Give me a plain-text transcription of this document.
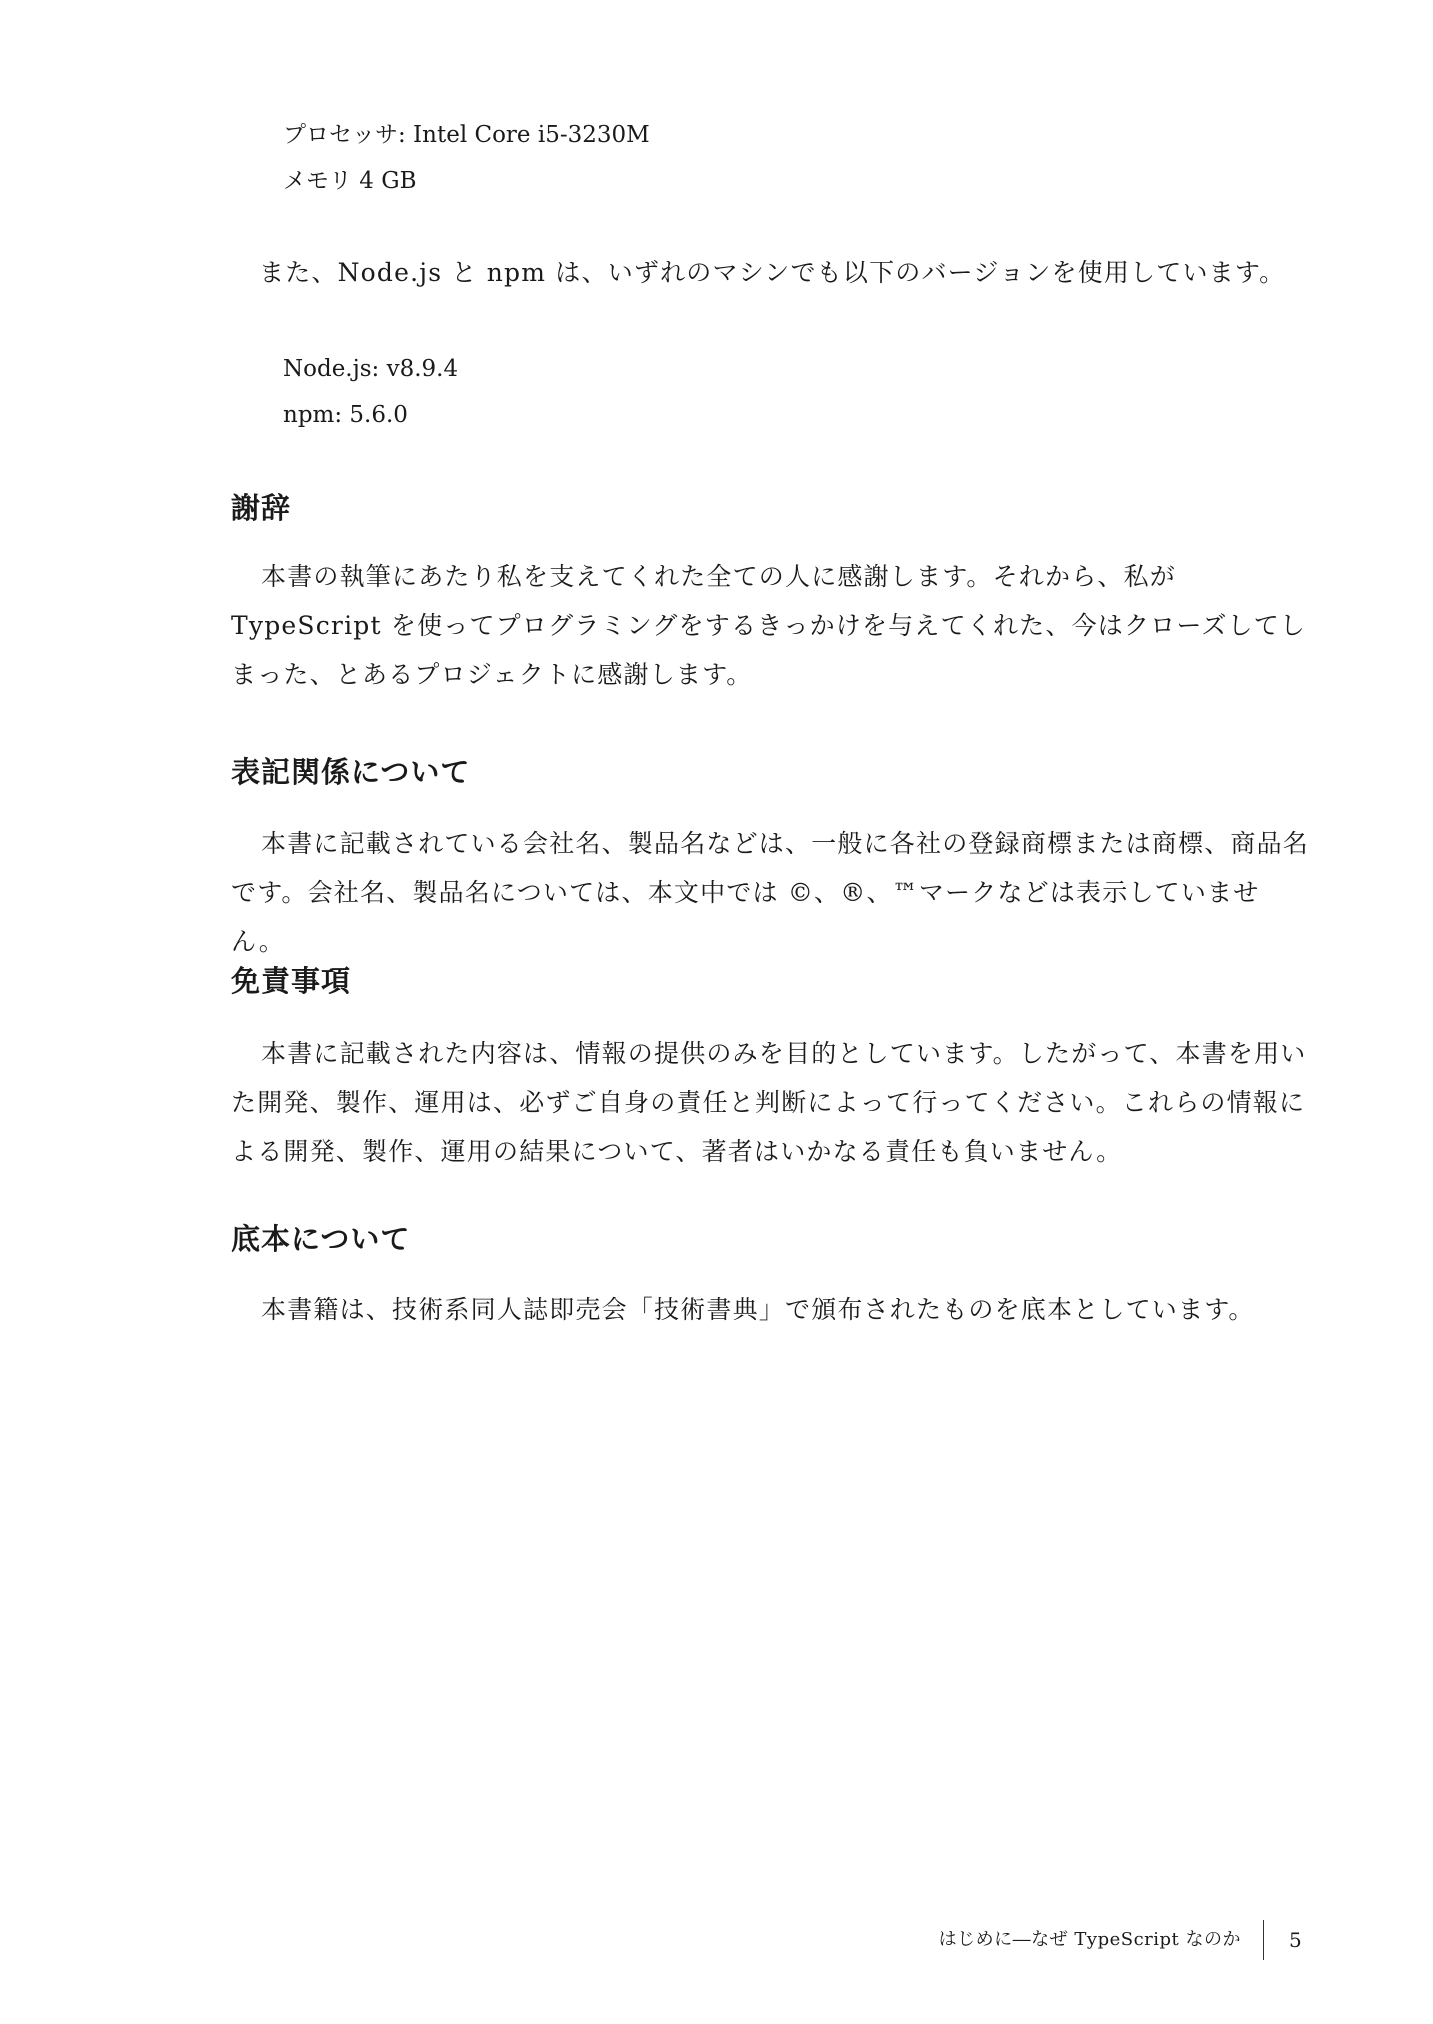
プロセッサ: Intel Core i5-3230M
メモリ 4 GB

また、Node.js と npm は、いずれのマシンでも以下のバージョンを使用しています。

Node.js: v8.9.4
npm: 5.6.0
謝辞

本書の執筆にあたり私を支えてくれた全ての人に感謝します。それから、私が TypeScript を使ってプログラミングをするきっかけを与えてくれた、今はクローズしてしまった、とあるプロジェクトに感謝します。

表記関係について

本書に記載されている会社名、製品名などは、一般に各社の登録商標または商標、商品名です。会社名、製品名については、本文中では ©、®、™マークなどは表示していません。

免責事項

本書に記載された内容は、情報の提供のみを目的としています。したがって、本書を用いた開発、製作、運用は、必ずご自身の責任と判断によって行ってください。これらの情報による開発、製作、運用の結果について、著者はいかなる責任も負いません。

底本について

本書籍は、技術系同人誌即売会「技術書典」で頒布されたものを底本としています。

はじめに―なぜ TypeScript なのか 5
